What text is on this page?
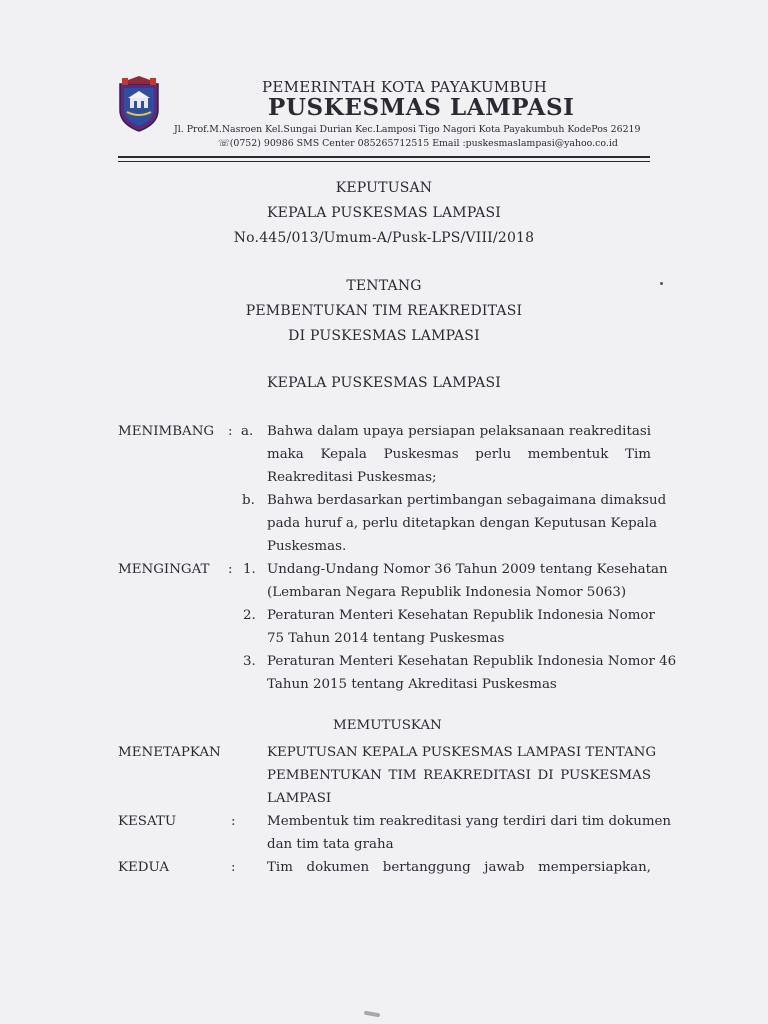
PEMERINTAH KOTA PAYAKUMBUH
PUSKESMAS LAMPASI
Jl. Prof.M.Nasroen Kel.Sungai Durian Kec.Lamposi Tigo Nagori Kota Payakumbuh KodePos 26219
☏(0752) 90986 SMS Center 085265712515 Email :puskesmaslampasi@yahoo.co.id
KEPUTUSAN
KEPALA PUSKESMAS LAMPASI
No.445/013/Umum-A/Pusk-LPS/VIII/2018
TENTANG
PEMBENTUKAN TIM REAKREDITASI
DI PUSKESMAS LAMPASI
KEPALA PUSKESMAS LAMPASI
MENIMBANG : a. Bahwa dalam upaya persiapan pelaksanaan reakreditasi
maka Kepala Puskesmas perlu membentuk Tim
Reakreditasi Puskesmas;
b. Bahwa berdasarkan pertimbangan sebagaimana dimaksud
pada huruf a, perlu ditetapkan dengan Keputusan Kepala
Puskesmas.
MENGINGAT : 1. Undang-Undang Nomor 36 Tahun 2009 tentang Kesehatan
(Lembaran Negara Republik Indonesia Nomor 5063)
2. Peraturan Menteri Kesehatan Republik Indonesia Nomor
75 Tahun 2014 tentang Puskesmas
3. Peraturan Menteri Kesehatan Republik Indonesia Nomor 46
Tahun 2015 tentang Akreditasi Puskesmas
MEMUTUSKAN
MENETAPKAN	KEPUTUSAN KEPALA PUSKESMAS LAMPASI TENTANG
PEMBENTUKAN TIM REAKREDITASI DI PUSKESMAS
LAMPASI
KESATU	: Membentuk tim reakreditasi yang terdiri dari tim dokumen
dan tim tata graha
KEDUA	: Tim dokumen bertanggung jawab mempersiapkan,
